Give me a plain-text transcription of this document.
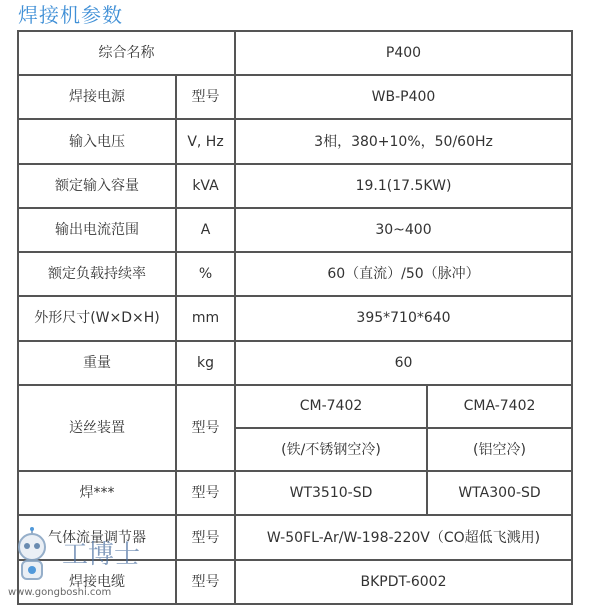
焊接机参数
综合名称		P400	
焊接电源	型号	WB-P400	
输入电压	V, Hz	3相，380+10%，50/60Hz	
额定输入容量	kVA	19.1(17.5KW)	
输出电流范围	A	30~400	
额定负载持续率	%	60（直流）/50（脉冲）	
外形尺寸(W×D×H)	mm	395*710*640	
重量	kg	60	
送丝装置	型号	CM-7402	CMA-7402
		(铁/不锈钢空冷)	(铝空冷)
焊***	型号	WT3510-SD	WTA300-SD
气体流量调节器	型号	W-50FL-Ar/W-198-220V（CO超低飞溅用)	
焊接电缆	型号	BKPDT-6002	
工博士
www.gongboshi.com
